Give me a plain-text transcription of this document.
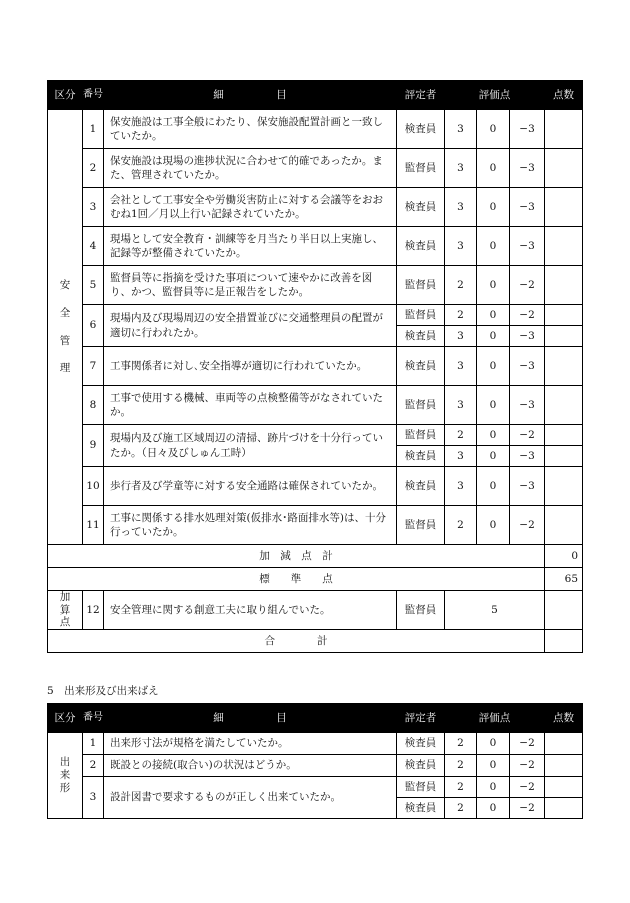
区分	番号	細　　　　　目	評定者	評価点			点数

安
全
管
理	1	保安施設は工事全般にわたり、保安施設配置計画と一致していたか。	検査員	3	0	−3	
	2	保安施設は現場の進捗状況に合わせて的確であったか。また、管理されていたか。	監督員	3	0	−3	
	3	会社として工事安全や労働災害防止に対する会議等をおおむね1回／月以上行い記録されていたか。	検査員	3	0	−3	
	4	現場として安全教育・訓練等を月当たり半日以上実施し、記録等が整備されていたか。	検査員	3	0	−3	
	5	監督員等に指摘を受けた事項について速やかに改善を図り、かつ、監督員等に是正報告をしたか。	監督員	2	0	−2	
	6	現場内及び現場周辺の安全措置並びに交通整理員の配置が適切に行われたか。	監督員	2	0	−2	
			検査員	3	0	−3	
	7	工事関係者に対し､安全指導が適切に行われていたか。	検査員	3	0	−3	
	8	工事で使用する機械、車両等の点検整備等がなされていたか。	監督員	3	0	−3	
	9	現場内及び施工区域周辺の清掃、跡片づけを十分行っていたか。（日々及びしゅん工時）	監督員	2	0	−2	
			検査員	3	0	−3	
	10	歩行者及び学童等に対する安全通路は確保されていたか。	検査員	3	0	−3	
	11	工事に関係する排水処理対策(仮排水･路面排水等)は、十分行っていたか。	監督員	2	0	−2	
加　減　点　計							0
標　　準　　点							65

加
算
点	12	安全管理に関する創意工夫に取り組んでいた。	監督員	5			
合　　　　計							
5　出来形及び出来ばえ
区分	番号	細　　　　　目	評定者	評価点			点数

出
来
形	1	出来形寸法が規格を満たしていたか。	検査員	2	0	−2	
	2	既設との接続(取合い)の状況はどうか。	検査員	2	0	−2	
	3	設計図書で要求するものが正しく出来ていたか。	監督員	2	0	−2	
			検査員	2	0	−2	
